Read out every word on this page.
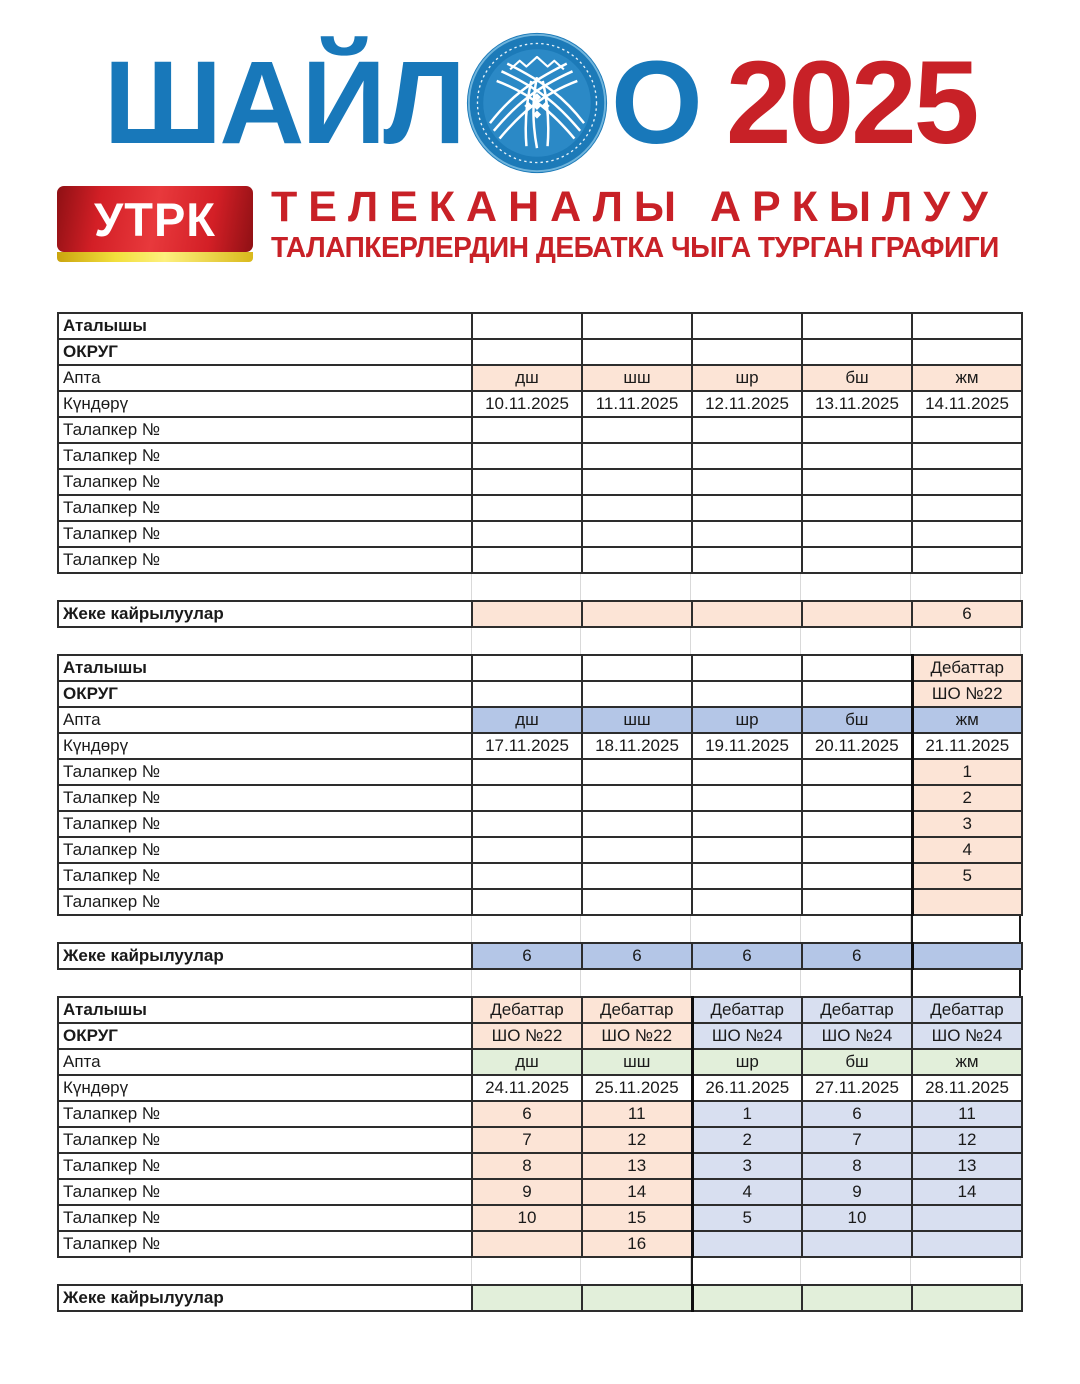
ШАЙЛ О 2025
УТРК ТЕЛЕКАНАЛЫ АРКЫЛУУ
ТАЛАПКЕРЛЕРДИН ДЕБАТКА ЧЫГА ТУРГАН ГРАФИГИ
Аталышы					
ОКРУГ					
Апта	дш	шш	шр	бш	жм
Күндөрү	10.11.2025	11.11.2025	12.11.2025	13.11.2025	14.11.2025
Талапкер №					
Талапкер №					
Талапкер №					
Талапкер №					
Талапкер №					
Талапкер №					
Жеке кайрылуулар					6
Аталышы					Дебаттар
ОКРУГ					ШО №22
Апта	дш	шш	шр	бш	жм
Күндөрү	17.11.2025	18.11.2025	19.11.2025	20.11.2025	21.11.2025
Талапкер №					1
Талапкер №					2
Талапкер №					3
Талапкер №					4
Талапкер №					5
Талапкер №					
Жеке кайрылуулар	6	6	6	6	
Аталышы	Дебаттар	Дебаттар	Дебаттар	Дебаттар	Дебаттар
ОКРУГ	ШО №22	ШО №22	ШО №24	ШО №24	ШО №24
Апта	дш	шш	шр	бш	жм
Күндөрү	24.11.2025	25.11.2025	26.11.2025	27.11.2025	28.11.2025
Талапкер №	6	11	1	6	11
Талапкер №	7	12	2	7	12
Талапкер №	8	13	3	8	13
Талапкер №	9	14	4	9	14
Талапкер №	10	15	5	10	
Талапкер №		16			
Жеке кайрылуулар					
